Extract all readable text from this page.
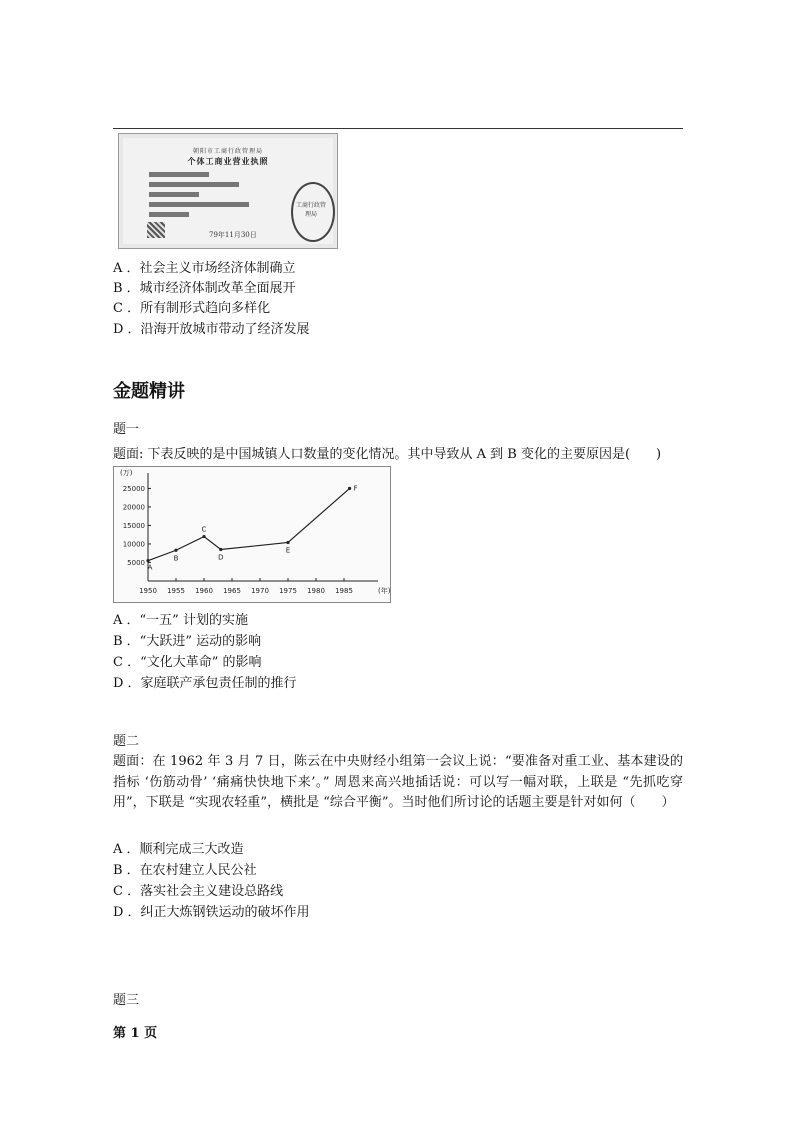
朝阳市工商行政管理局
个体工商业营业执照
79年11月30日
工商行政管理局
A ．社会主义市场经济体制确立
B ．城市经济体制改革全面展开
C ．所有制形式趋向多样化
D ．沿海开放城市带动了经济发展
金题精讲
题一
题面: 下表反映的是中国城镇人口数量的变化情况。其中导致从 A 到 B 变化的主要原因是(　　)
(万)
(年)
1950 1955 1960 1965 1970 1975 1980 1985
5000
10000
15000
20000
25000
A
B
C
D
E
F
A ．“一五” 计划的实施
B ．“大跃进” 运动的影响
C ．“文化大革命” 的影响
D ．家庭联产承包责任制的推行
题二
题面：在 1962 年 3 月 7 日，陈云在中央财经小组第一会议上说：“要准备对重工业、基本建设的指标 ‘伤筋动骨’ ‘痛痛快快地下来’。” 周恩来高兴地插话说：可以写一幅对联，上联是 “先抓吃穿用”，下联是 “实现农轻重”，横批是 “综合平衡”。当时他们所讨论的话题主要是针对如何（　　）
A ．顺利完成三大改造
B ．在农村建立人民公社
C ．落实社会主义建设总路线
D ．纠正大炼钢铁运动的破坏作用
题三
第 1 页
